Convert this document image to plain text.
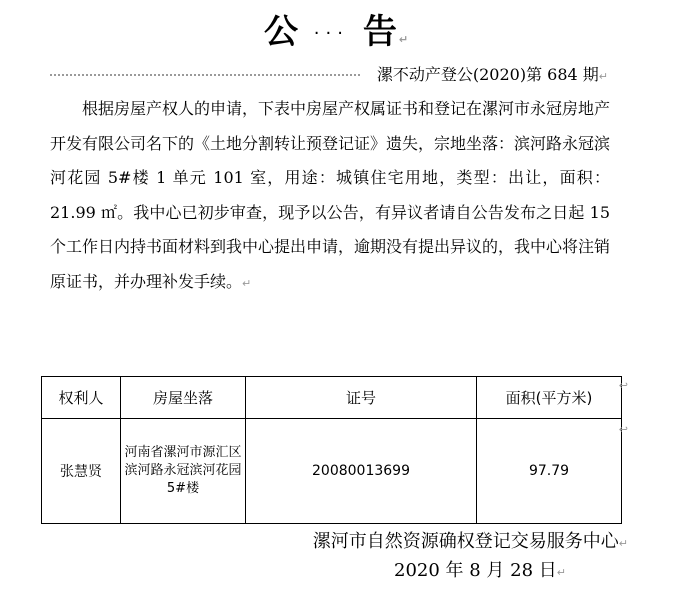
公 ··· 告↵
漯不动产登公(2020)第 684 期↵

根据房屋产权人的申请，下表中房屋产权属证书和登记在漯河市永冠房地产开发有限公司名下的《土地分割转让预登记证》遗失，宗地坐落：滨河路永冠滨河花园 5#楼 1 单元 101 室，用途：城镇住宅用地，类型：出让，面积：21.99 ㎡。我中心已初步审查，现予以公告，有异议者请自公告发布之日起 15 个工作日内持书面材料到我中心提出申请，逾期没有提出异议的，我中心将注销原证书，并办理补发手续。↵

权利人	房屋坐落	证号	面积(平方米)
张慧贤	河南省漯河市源汇区滨河路永冠滨河花园5#楼	20080013699	97.79
↩
↩
漯河市自然资源确权登记交易服务中心↵
2020 年 8 月 28 日↵
